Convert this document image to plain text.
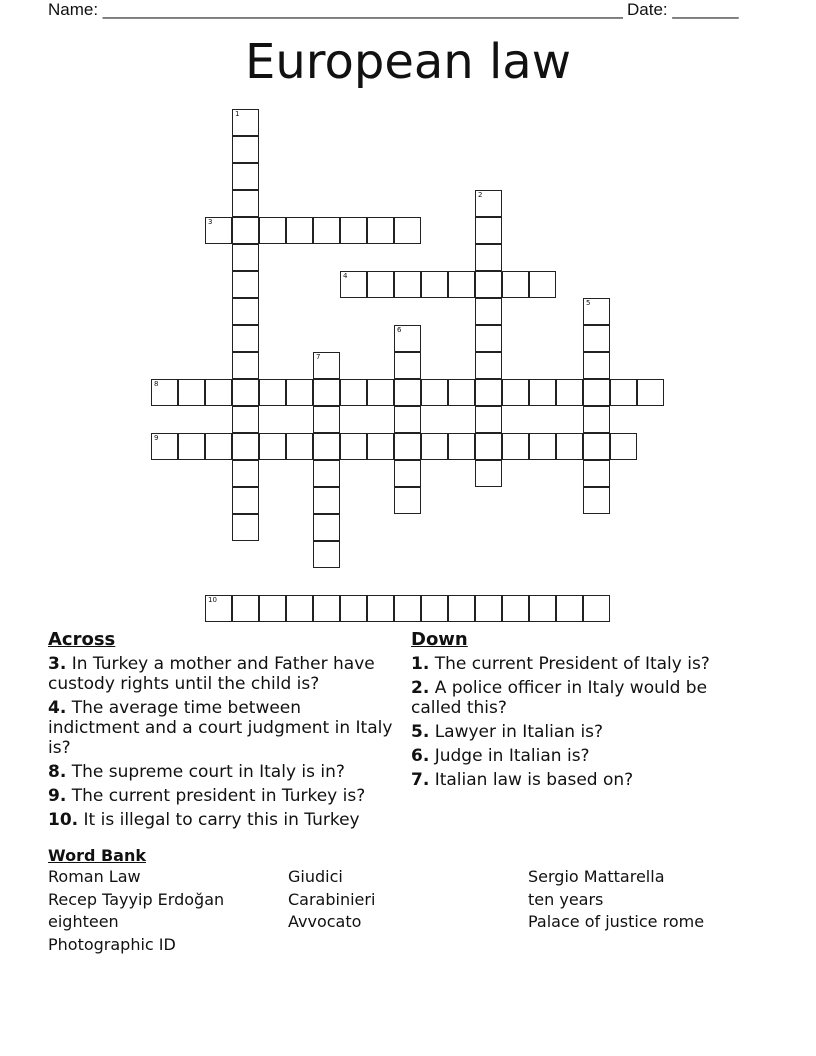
Name: _______________________________________________________ Date: _______
European law
1
2
3
4
5
6
7
8
9
10
Across
3. In Turkey a mother and Father have custody rights until the child is?
4. The average time between indictment and a court judgment in Italy is?
8. The supreme court in Italy is in?
9. The current president in Turkey is?
10. It is illegal to carry this in Turkey
Down
1. The current President of Italy is?
2. A police officer in Italy would be called this?
5. Lawyer in Italian is?
6. Judge in Italian is?
7. Italian law is based on?
Word Bank
Roman Law	Giudici	Sergio Mattarella
Recep Tayyip Erdoğan	Carabinieri	ten years
eighteen	Avvocato	Palace of justice rome
Photographic ID
